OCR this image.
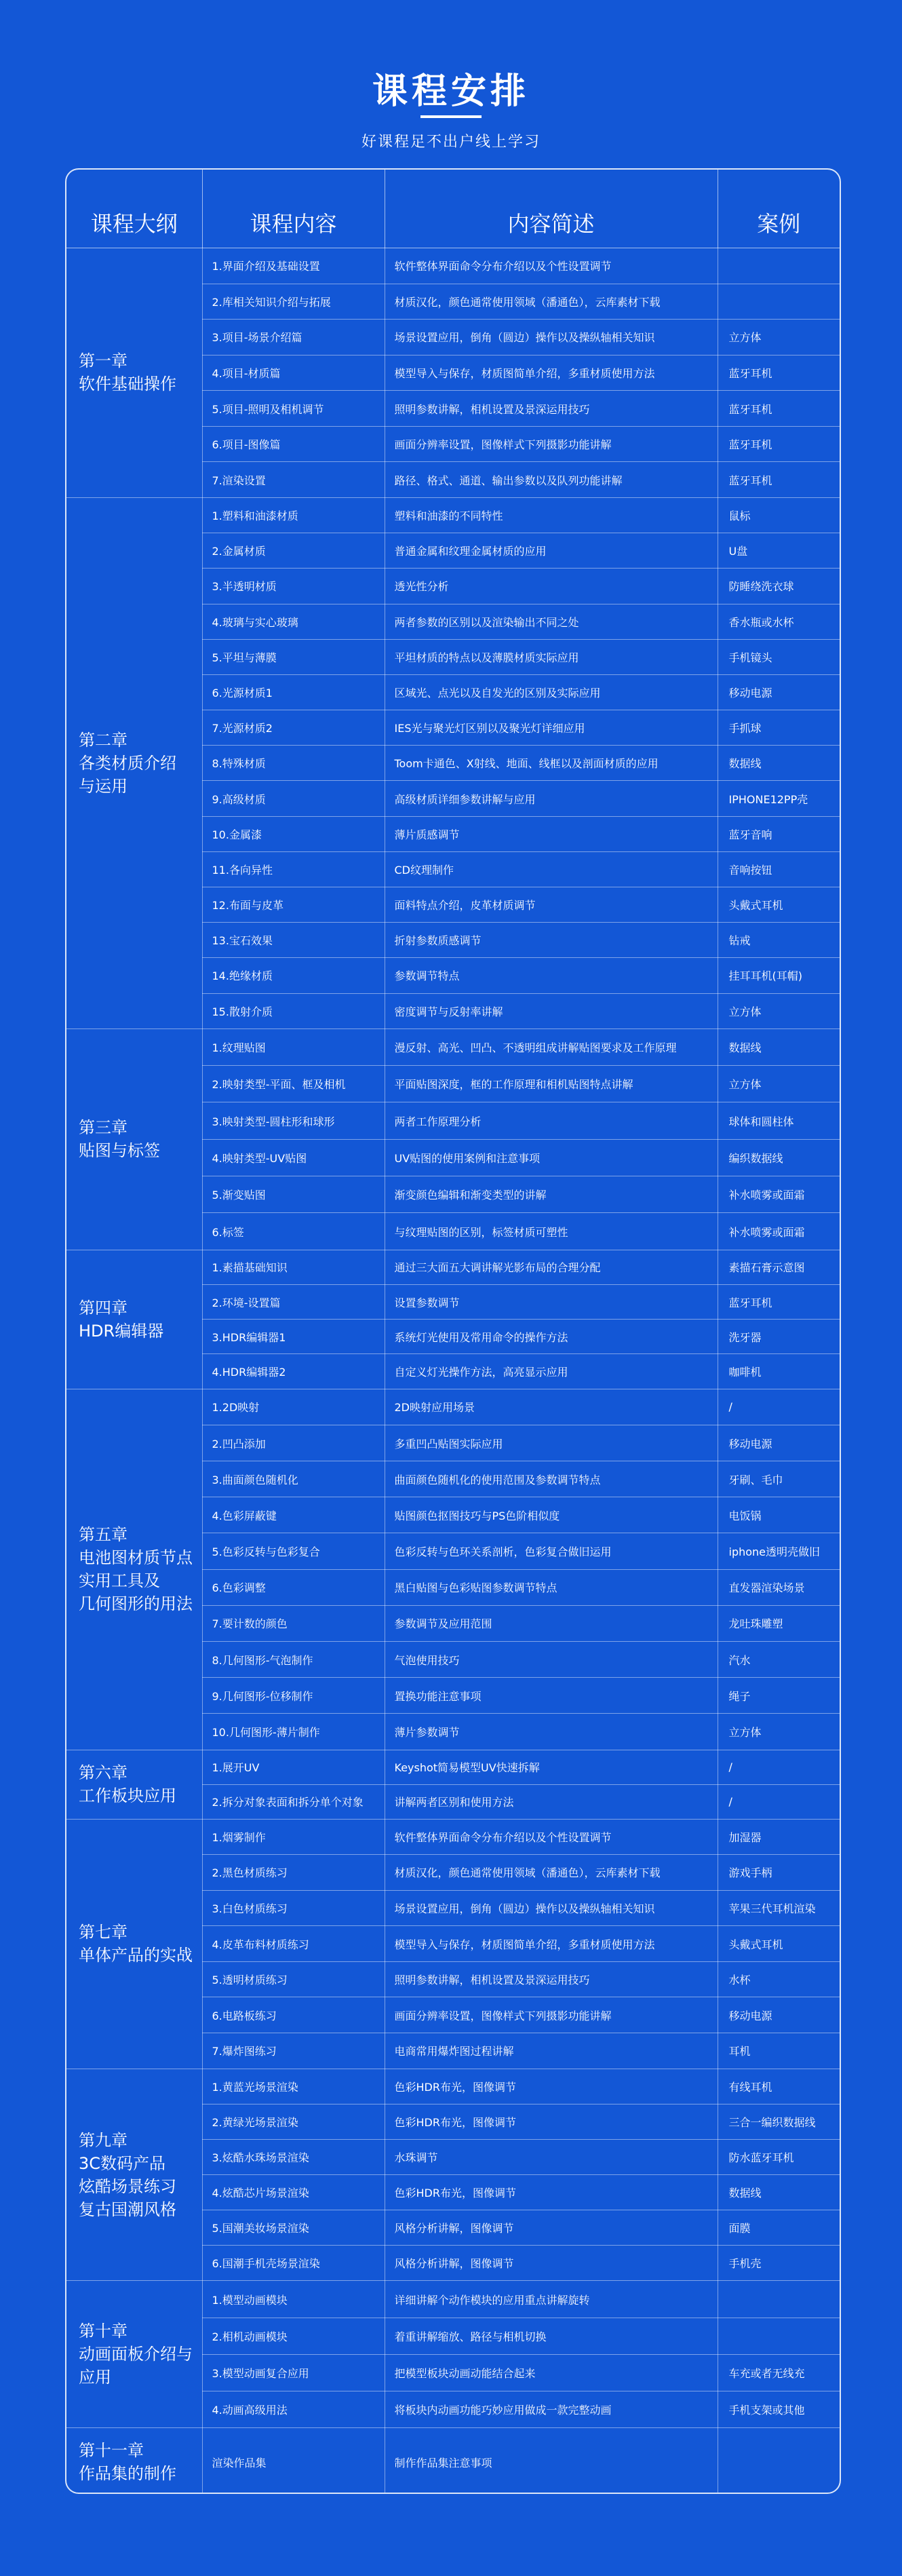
课程安排
好课程足不出户线上学习
课程大纲	课程内容	内容简述	案例

第一章
软件基础操作	1.界面介绍及基础设置	软件整体界面命令分布介绍以及个性设置调节	
	2.库相关知识介绍与拓展	材质汉化，颜色通常使用领域（潘通色），云库素材下载	
	3.项目-场景介绍篇	场景设置应用，倒角（圆边）操作以及操纵轴相关知识	立方体
	4.项目-材质篇	模型导入与保存，材质图简单介绍，多重材质使用方法	蓝牙耳机
	5.项目-照明及相机调节	照明参数讲解，相机设置及景深运用技巧	蓝牙耳机
	6.项目-图像篇	画面分辨率设置，图像样式下列摄影功能讲解	蓝牙耳机
	7.渲染设置	路径、格式、通道、输出参数以及队列功能讲解	蓝牙耳机

第二章
各类材质介绍
与运用	1.塑料和油漆材质	塑料和油漆的不同特性	鼠标
	2.金属材质	普通金属和纹理金属材质的应用	U盘
	3.半透明材质	透光性分析	防睡绕洗衣球
	4.玻璃与实心玻璃	两者参数的区别以及渲染输出不同之处	香水瓶或水杯
	5.平坦与薄膜	平坦材质的特点以及薄膜材质实际应用	手机镜头
	6.光源材质1	区域光、点光以及自发光的区别及实际应用	移动电源
	7.光源材质2	IES光与聚光灯区别以及聚光灯详细应用	手抓球
	8.特殊材质	Toom卡通色、X射线、地面、线框以及剖面材质的应用	数据线
	9.高级材质	高级材质详细参数讲解与应用	IPHONE12PP壳
	10.金属漆	薄片质感调节	蓝牙音响
	11.各向异性	CD纹理制作	音响按钮
	12.布面与皮革	面料特点介绍，皮革材质调节	头戴式耳机
	13.宝石效果	折射参数质感调节	钻戒
	14.绝缘材质	参数调节特点	挂耳耳机(耳帽)
	15.散射介质	密度调节与反射率讲解	立方体

第三章
贴图与标签	1.纹理贴图	漫反射、高光、凹凸、不透明组成讲解贴图要求及工作原理	数据线
	2.映射类型-平面、框及相机	平面贴图深度，框的工作原理和相机贴图特点讲解	立方体
	3.映射类型-圆柱形和球形	两者工作原理分析	球体和圆柱体
	4.映射类型-UV贴图	UV贴图的使用案例和注意事项	编织数据线
	5.渐变贴图	渐变颜色编辑和渐变类型的讲解	补水喷雾或面霜
	6.标签	与纹理贴图的区别，标签材质可塑性	补水喷雾或面霜

第四章
HDR编辑器	1.素描基础知识	通过三大面五大调讲解光影布局的合理分配	素描石膏示意图
	2.环境-设置篇	设置参数调节	蓝牙耳机
	3.HDR编辑器1	系统灯光使用及常用命令的操作方法	洗牙器
	4.HDR编辑器2	自定义灯光操作方法，高亮显示应用	咖啡机

第五章
电池图材质节点
实用工具及
几何图形的用法	1.2D映射	2D映射应用场景	/
	2.凹凸添加	多重凹凸贴图实际应用	移动电源
	3.曲面颜色随机化	曲面颜色随机化的使用范围及参数调节特点	牙刷、毛巾
	4.色彩屏蔽键	贴图颜色抠图技巧与PS色阶相似度	电饭锅
	5.色彩反转与色彩复合	色彩反转与色环关系剖析，色彩复合做旧运用	iphone透明壳做旧
	6.色彩调整	黑白贴图与色彩贴图参数调节特点	直发器渲染场景
	7.要计数的颜色	参数调节及应用范围	龙吐珠雕塑
	8.几何图形-气泡制作	气泡使用技巧	汽水
	9.几何图形-位移制作	置换功能注意事项	绳子
	10.几何图形-薄片制作	薄片参数调节	立方体

第六章
工作板块应用	1.展开UV	Keyshot简易模型UV快速拆解	/
	2.拆分对象表面和拆分单个对象	讲解两者区别和使用方法	/

第七章
单体产品的实战	1.烟雾制作	软件整体界面命令分布介绍以及个性设置调节	加湿器
	2.黑色材质练习	材质汉化，颜色通常使用领域（潘通色），云库素材下载	游戏手柄
	3.白色材质练习	场景设置应用，倒角（圆边）操作以及操纵轴相关知识	苹果三代耳机渲染
	4.皮革布料材质练习	模型导入与保存，材质图简单介绍，多重材质使用方法	头戴式耳机
	5.透明材质练习	照明参数讲解，相机设置及景深运用技巧	水杯
	6.电路板练习	画面分辨率设置，图像样式下列摄影功能讲解	移动电源
	7.爆炸图练习	电商常用爆炸图过程讲解	耳机

第九章
3C数码产品
炫酷场景练习
复古国潮风格	1.黄蓝光场景渲染	色彩HDR布光，图像调节	有线耳机
	2.黄绿光场景渲染	色彩HDR布光，图像调节	三合一编织数据线
	3.炫酷水珠场景渲染	水珠调节	防水蓝牙耳机
	4.炫酷芯片场景渲染	色彩HDR布光，图像调节	数据线
	5.国潮美妆场景渲染	风格分析讲解，图像调节	面膜
	6.国潮手机壳场景渲染	风格分析讲解，图像调节	手机壳

第十章
动画面板介绍与
应用	1.模型动画模块	详细讲解个动作模块的应用重点讲解旋转	
	2.相机动画模块	着重讲解缩放、路径与相机切换	
	3.模型动画复合应用	把模型板块动画动能结合起来	车充或者无线充
	4.动画高级用法	将板块内动画功能巧妙应用做成一款完整动画	手机支架或其他

第十一章
作品集的制作	渲染作品集	制作作品集注意事项	
